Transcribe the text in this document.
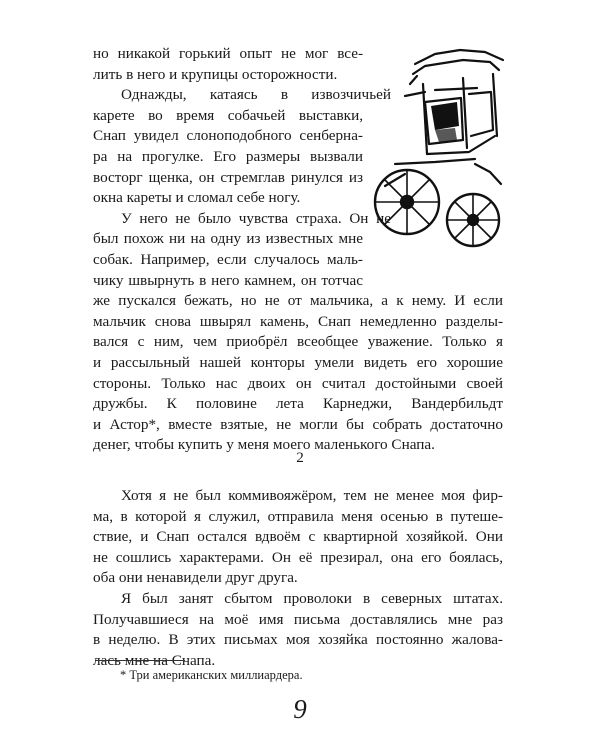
но никакой горький опыт не мог все-
лить в него и крупицы осторожности.
Однажды, катаясь в извозчичьей
карете во время собачьей выставки,
Снап увидел слоноподобного сенберна-
ра на прогулке. Его размеры вызвали
восторг щенка, он стремглав ринулся из
окна кареты и сломал себе ногу.
У него не было чувства страха. Он не
был похож ни на одну из известных мне
собак. Например, если случалось маль-
чику швырнуть в него камнем, он тотчас
же пускался бежать, но не от мальчика, а к нему. И если
мальчик снова швырял камень, Снап немедленно разделы-
вался с ним, чем приобрёл всеобщее уважение. Только я
и рассыльный нашей конторы умели видеть его хорошие
стороны. Только нас двоих он считал достойными своей
дружбы. К половине лета Карнеджи, Вандербильдт
и Астор*, вместе взятые, не могли бы собрать достаточно
денег, чтобы купить у меня моего маленького Снапа.
2
Хотя я не был коммивояжёром, тем не менее моя фир-
ма, в которой я служил, отправила меня осенью в путеше-
ствие, и Снап остался вдвоём с квартирной хозяйкой. Они
не сошлись характерами. Он её презирал, она его боялась,
оба они ненавидели друг друга.
Я был занят сбытом проволоки в северных штатах.
Получавшиеся на моё имя письма доставлялись мне раз
в неделю. В этих письмах моя хозяйка постоянно жалова-
лась мне на Снапа.
* Три американских миллиардера.
9
